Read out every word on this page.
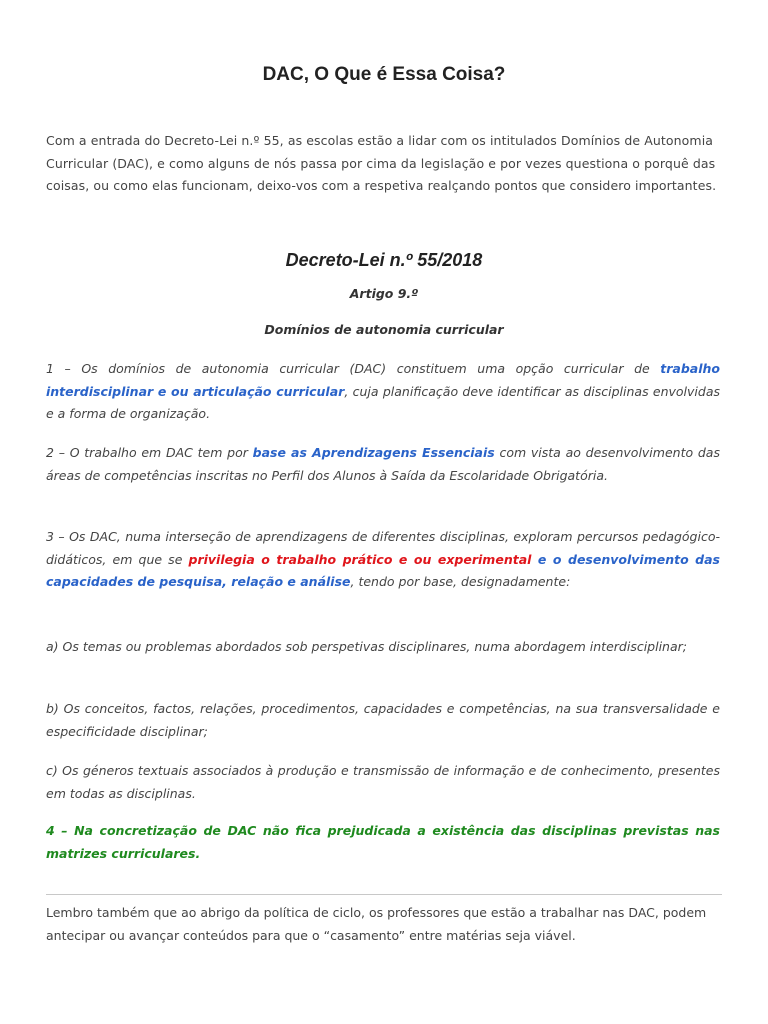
DAC, O Que é Essa Coisa?

Com a entrada do Decreto-Lei n.º 55, as escolas estão a lidar com os intitulados Domínios de Autonomia Curricular (DAC), e como alguns de nós passa por cima da legislação e por vezes questiona o porquê das coisas, ou como elas funcionam, deixo-vos com a respetiva realçando pontos que considero importantes.

Decreto-Lei n.º 55/2018

Artigo 9.º

Domínios de autonomia curricular

1 – Os domínios de autonomia curricular (DAC) constituem uma opção curricular de trabalho interdisciplinar e ou articulação curricular, cuja planificação deve identificar as disciplinas envolvidas e a forma de organização.

2 – O trabalho em DAC tem por base as Aprendizagens Essenciais com vista ao desenvolvimento das áreas de competências inscritas no Perfil dos Alunos à Saída da Escolaridade Obrigatória.

3 – Os DAC, numa interseção de aprendizagens de diferentes disciplinas, exploram percursos pedagógico-didáticos, em que se privilegia o trabalho prático e ou experimental e o desenvolvimento das capacidades de pesquisa, relação e análise, tendo por base, designadamente:

a) Os temas ou problemas abordados sob perspetivas disciplinares, numa abordagem interdisciplinar;

b) Os conceitos, factos, relações, procedimentos, capacidades e competências, na sua transversalidade e especificidade disciplinar;

c) Os géneros textuais associados à produção e transmissão de informação e de conhecimento, presentes em todas as disciplinas.

4 – Na concretização de DAC não fica prejudicada a existência das disciplinas previstas nas matrizes curriculares.

Lembro também que ao abrigo da política de ciclo, os professores que estão a trabalhar nas DAC, podem antecipar ou avançar conteúdos para que o “casamento” entre matérias seja viável.
